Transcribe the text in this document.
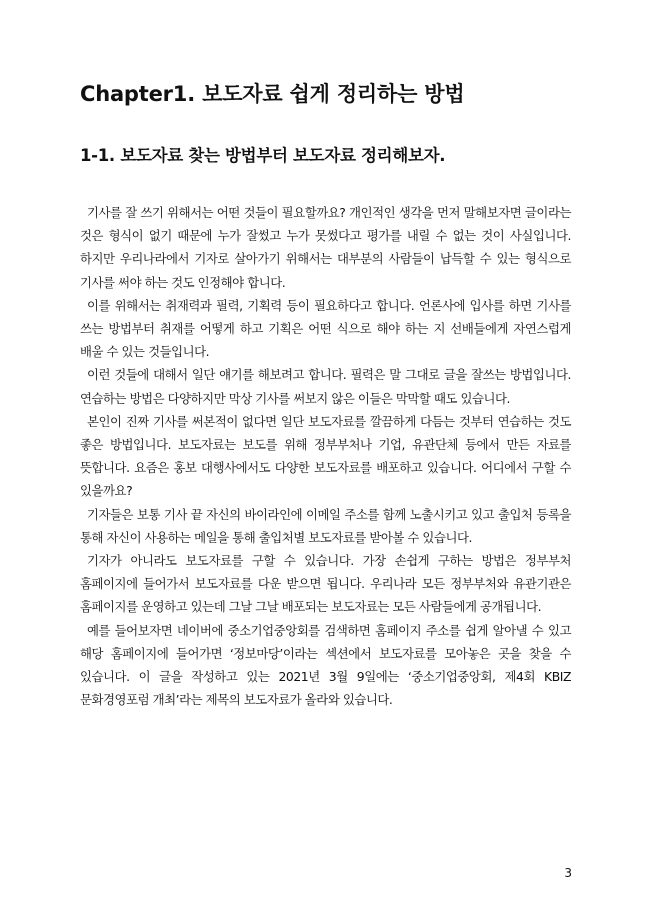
Chapter1. 보도자료 쉽게 정리하는 방법
1-1. 보도자료 찾는 방법부터 보도자료 정리해보자.

기사를 잘 쓰기 위해서는 어떤 것들이 필요할까요? 개인적인 생각을 먼저 말해보자면 글이라는 것은 형식이 없기 때문에 누가 잘썼고 누가 못썼다고 평가를 내릴 수 없는 것이 사실입니다. 하지만 우리나라에서 기자로 살아가기 위해서는 대부분의 사람들이 납득할 수 있는 형식으로 기사를 써야 하는 것도 인정해야 합니다.

이를 위해서는 취재력과 필력, 기획력 등이 필요하다고 합니다. 언론사에 입사를 하면 기사를 쓰는 방법부터 취재를 어떻게 하고 기획은 어떤 식으로 해야 하는 지 선배들에게 자연스럽게 배울 수 있는 것들입니다.

이런 것들에 대해서 일단 얘기를 해보려고 합니다. 필력은 말 그대로 글을 잘쓰는 방법입니다. 연습하는 방법은 다양하지만 막상 기사를 써보지 않은 이들은 막막할 때도 있습니다.

본인이 진짜 기사를 써본적이 없다면 일단 보도자료를 깔끔하게 다듬는 것부터 연습하는 것도 좋은 방법입니다. 보도자료는 보도를 위해 정부부처나 기업, 유관단체 등에서 만든 자료를 뜻합니다. 요즘은 홍보 대행사에서도 다양한 보도자료를 배포하고 있습니다. 어디에서 구할 수 있을까요?

기자들은 보통 기사 끝 자신의 바이라인에 이메일 주소를 함께 노출시키고 있고 출입처 등록을 통해 자신이 사용하는 메일을 통해 출입처별 보도자료를 받아볼 수 있습니다.

기자가 아니라도 보도자료를 구할 수 있습니다. 가장 손쉽게 구하는 방법은 정부부처 홈페이지에 들어가서 보도자료를 다운 받으면 됩니다. 우리나라 모든 정부부처와 유관기관은 홈페이지를 운영하고 있는데 그날 그날 배포되는 보도자료는 모든 사람들에게 공개됩니다.

예를 들어보자면 네이버에 중소기업중앙회를 검색하면 홈페이지 주소를 쉽게 알아낼 수 있고 해당 홈페이지에 들어가면 ‘정보마당’이라는 섹션에서 보도자료를 모아놓은 곳을 찾을 수 있습니다. 이 글을 작성하고 있는 2021년 3월 9일에는 ‘중소기업중앙회, 제4회 KBIZ 문화경영포럼 개최’라는 제목의 보도자료가 올라와 있습니다.

3
